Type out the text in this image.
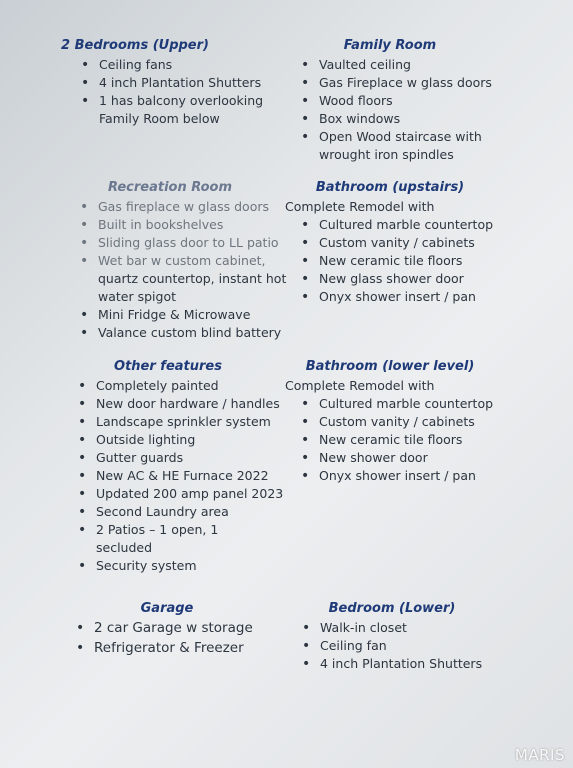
2 Bedrooms (Upper)
• Ceiling fans
• 4 inch Plantation Shutters
• 1 has balcony overlooking
Family Room below
Family Room
• Vaulted ceiling
• Gas Fireplace w glass doors
• Wood floors
• Box windows
• Open Wood staircase with
wrought iron spindles
Recreation Room
• Gas fireplace w glass doors
• Built in bookshelves
• Sliding glass door to LL patio
• Wet bar w custom cabinet,
quartz countertop, instant hot
water spigot
• Mini Fridge & Microwave
• Valance custom blind battery
Bathroom (upstairs)
Complete Remodel with
• Cultured marble countertop
• Custom vanity / cabinets
• New ceramic tile floors
• New glass shower door
• Onyx shower insert / pan
Other features
• Completely painted
• New door hardware / handles
• Landscape sprinkler system
• Outside lighting
• Gutter guards
• New AC & HE Furnace 2022
• Updated 200 amp panel 2023
• Second Laundry area
• 2 Patios – 1 open, 1
secluded
• Security system
Bathroom (lower level)
Complete Remodel with
• Cultured marble countertop
• Custom vanity / cabinets
• New ceramic tile floors
• New shower door
• Onyx shower insert / pan
Garage
• 2 car Garage w storage
• Refrigerator & Freezer
Bedroom (Lower)
• Walk-in closet
• Ceiling fan
• 4 inch Plantation Shutters
MARIS
